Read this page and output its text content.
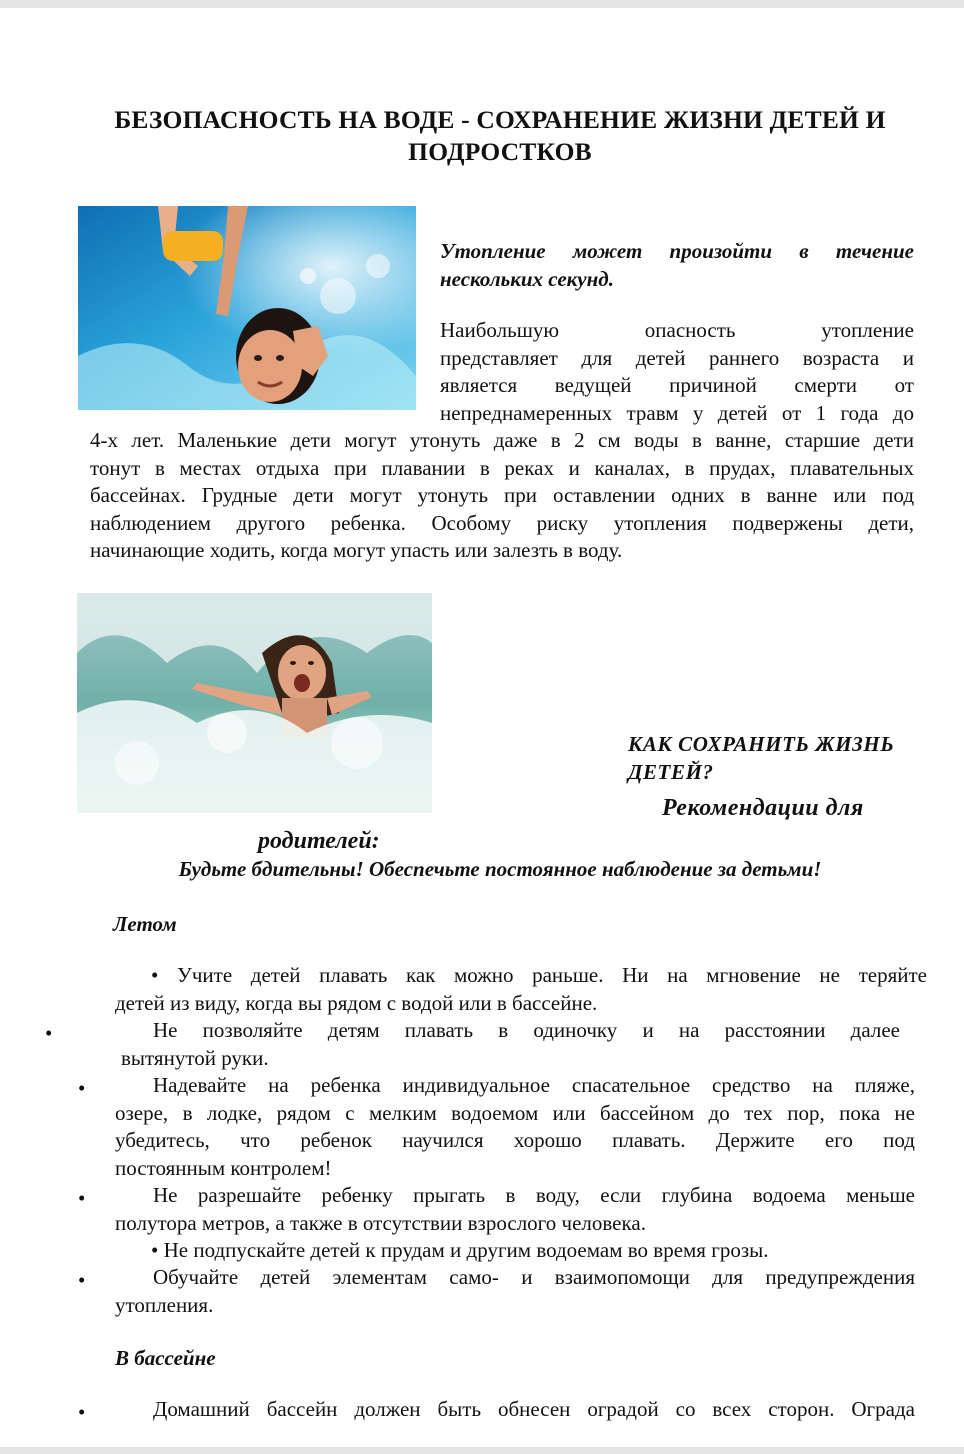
БЕЗОПАСНОСТЬ НА ВОДЕ - СОХРАНЕНИЕ ЖИЗНИ ДЕТЕЙ И ПОДРОСТКОВ
Утопление может произойти в течение нескольких секунд.
Наибольшую опасность утопление
представляет для детей раннего возраста и
является ведущей причиной смерти от
непреднамеренных травм у детей от 1 года до
4-х лет. Маленькие дети могут утонуть даже в 2 см воды в ванне, старшие дети
тонут в местах отдыха при плавании в реках и каналах, в прудах, плавательных
бассейнах. Грудные дети могут утонуть при оставлении одних в ванне или под
наблюдением другого ребенка. Особому риску утопления подвержены дети,
начинающие ходить, когда могут упасть или залезть в воду.
КАК СОХРАНИТЬ ЖИЗНЬ ДЕТЕЙ?
Рекомендации для
родителей:
Будьте бдительны! Обеспечьте постоянное наблюдение за детьми!
Летом
• Учите детей плавать как можно раньше. Ни на мгновение не теряйте
детей из виду, когда вы рядом с водой или в бассейне.
•	Не позволяйте детям плавать в одиночку и на расстоянии далее
вытянутой руки.
•	Надевайте на ребенка индивидуальное спасательное средство на пляже,
озере, в лодке, рядом с мелким водоемом или бассейном до тех пор, пока не
убедитесь, что ребенок научился хорошо плавать. Держите его под
постоянным контролем!
•	Не разрешайте ребенку прыгать в воду, если глубина водоема меньше
полутора метров, а также в отсутствии взрослого человека.
• Не подпускайте детей к прудам и другим водоемам во время грозы.
•	Обучайте детей элементам само- и взаимопомощи для предупреждения
утопления.
В бассейне
•	Домашний бассейн должен быть обнесен оградой со всех сторон. Ограда
